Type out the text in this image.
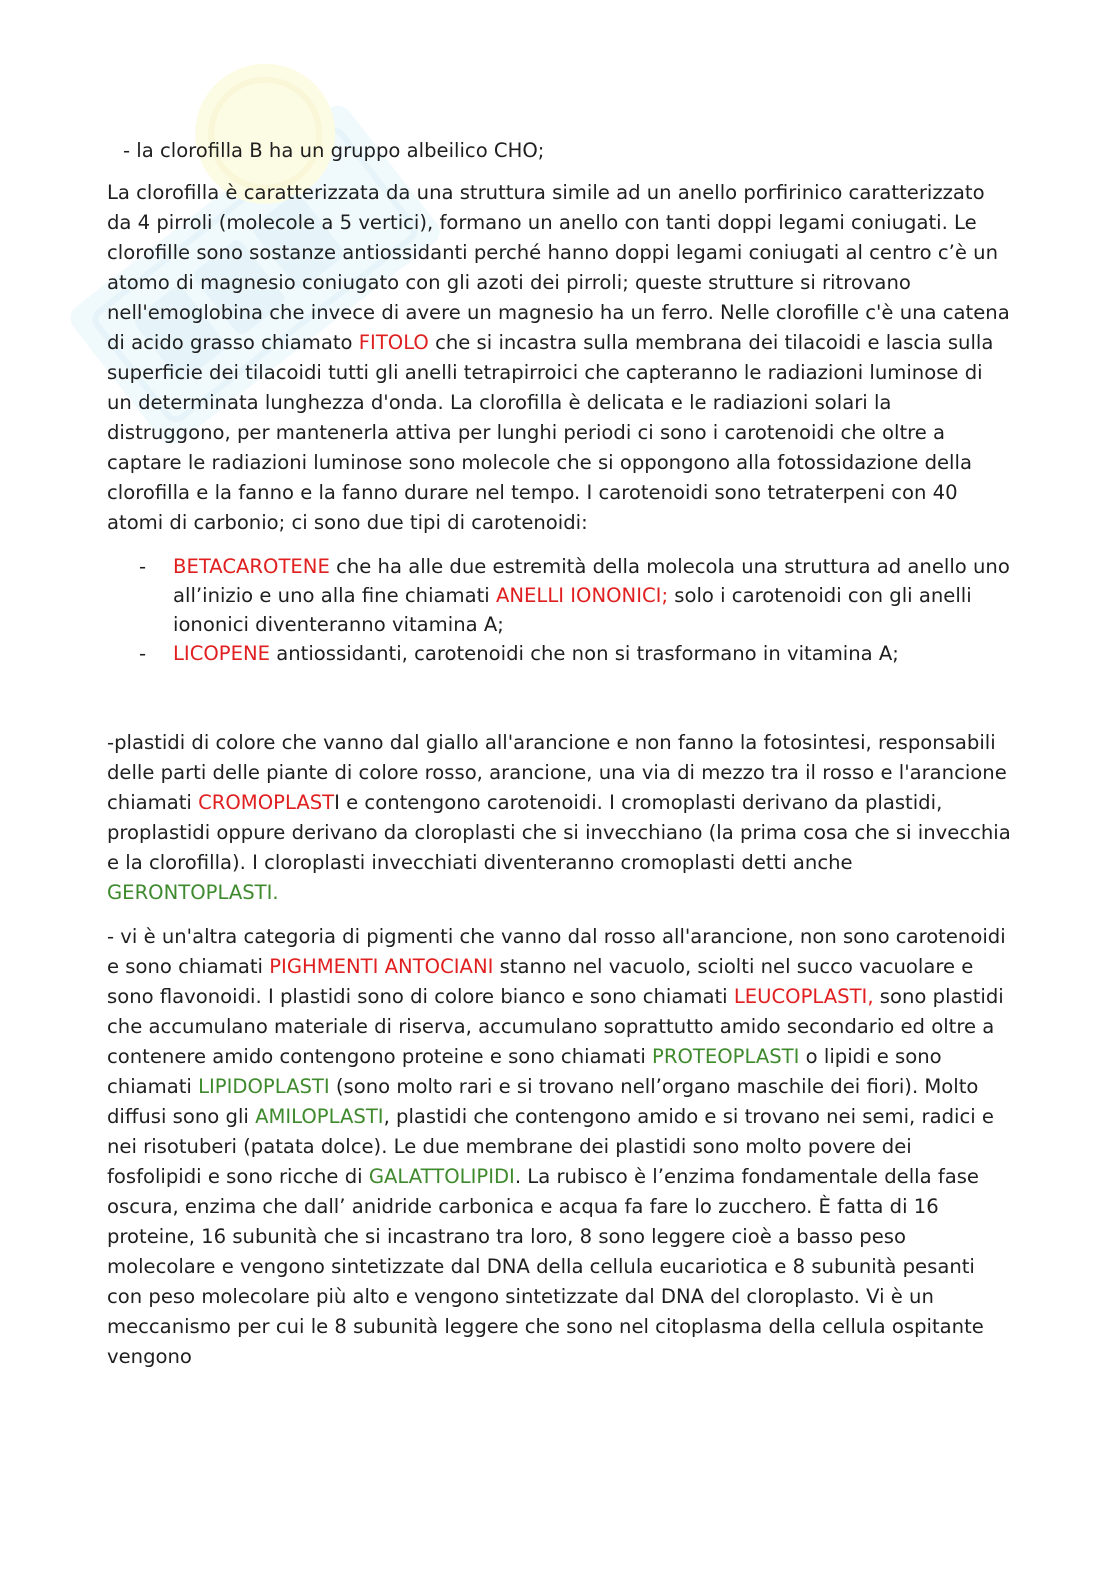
- la clorofilla B ha un gruppo albeilico CHO;

La clorofilla è caratterizzata da una struttura simile ad un anello porfirinico caratterizzato da 4 pirroli (molecole a 5 vertici), formano un anello con tanti doppi legami coniugati. Le clorofille sono sostanze antiossidanti perché hanno doppi legami coniugati al centro c’è un atomo di magnesio coniugato con gli azoti dei pirroli; queste strutture si ritrovano nell'emoglobina che invece di avere un magnesio ha un ferro. Nelle clorofille c'è una catena di acido grasso chiamato FITOLO che si incastra sulla membrana dei tilacoidi e lascia sulla superficie dei tilacoidi tutti gli anelli tetrapirroici che capteranno le radiazioni luminose di un determinata lunghezza d'onda. La clorofilla è delicata e le radiazioni solari la distruggono, per mantenerla attiva per lunghi periodi ci sono i carotenoidi che oltre a captare le radiazioni luminose sono molecole che si oppongono alla fotossidazione della clorofilla e la fanno e la fanno durare nel tempo. I carotenoidi sono tetraterpeni con 40 atomi di carbonio; ci sono due tipi di carotenoidi:

- BETACAROTENE che ha alle due estremità della molecola una struttura ad anello uno all’inizio e uno alla fine chiamati ANELLI IONONICI; solo i carotenoidi con gli anelli iononici diventeranno vitamina A;
- LICOPENE antiossidanti, carotenoidi che non si trasformano in vitamina A;

-plastidi di colore che vanno dal giallo all'arancione e non fanno la fotosintesi, responsabili delle parti delle piante di colore rosso, arancione, una via di mezzo tra il rosso e l'arancione chiamati CROMOPLASTI e contengono carotenoidi. I cromoplasti derivano da plastidi, proplastidi oppure derivano da cloroplasti che si invecchiano (la prima cosa che si invecchia e la clorofilla). I cloroplasti invecchiati diventeranno cromoplasti detti anche GERONTOPLASTI.

- vi è un'altra categoria di pigmenti che vanno dal rosso all'arancione, non sono carotenoidi e sono chiamati PIGHMENTI ANTOCIANI stanno nel vacuolo, sciolti nel succo vacuolare e sono flavonoidi. I plastidi sono di colore bianco e sono chiamati LEUCOPLASTI, sono plastidi che accumulano materiale di riserva, accumulano soprattutto amido secondario ed oltre a contenere amido contengono proteine e sono chiamati PROTEOPLASTI o lipidi e sono chiamati LIPIDOPLASTI (sono molto rari e si trovano nell’organo maschile dei fiori). Molto diffusi sono gli AMILOPLASTI, plastidi che contengono amido e si trovano nei semi, radici e nei risotuberi (patata dolce). Le due membrane dei plastidi sono molto povere dei fosfolipidi e sono ricche di GALATTOLIPIDI. La rubisco è l’enzima fondamentale della fase oscura, enzima che dall’ anidride carbonica e acqua fa fare lo zucchero. È fatta di 16 proteine, 16 subunità che si incastrano tra loro, 8 sono leggere cioè a basso peso molecolare e vengono sintetizzate dal DNA della cellula eucariotica e 8 subunità pesanti con peso molecolare più alto e vengono sintetizzate dal DNA del cloroplasto. Vi è un meccanismo per cui le 8 subunità leggere che sono nel citoplasma della cellula ospitante vengono
